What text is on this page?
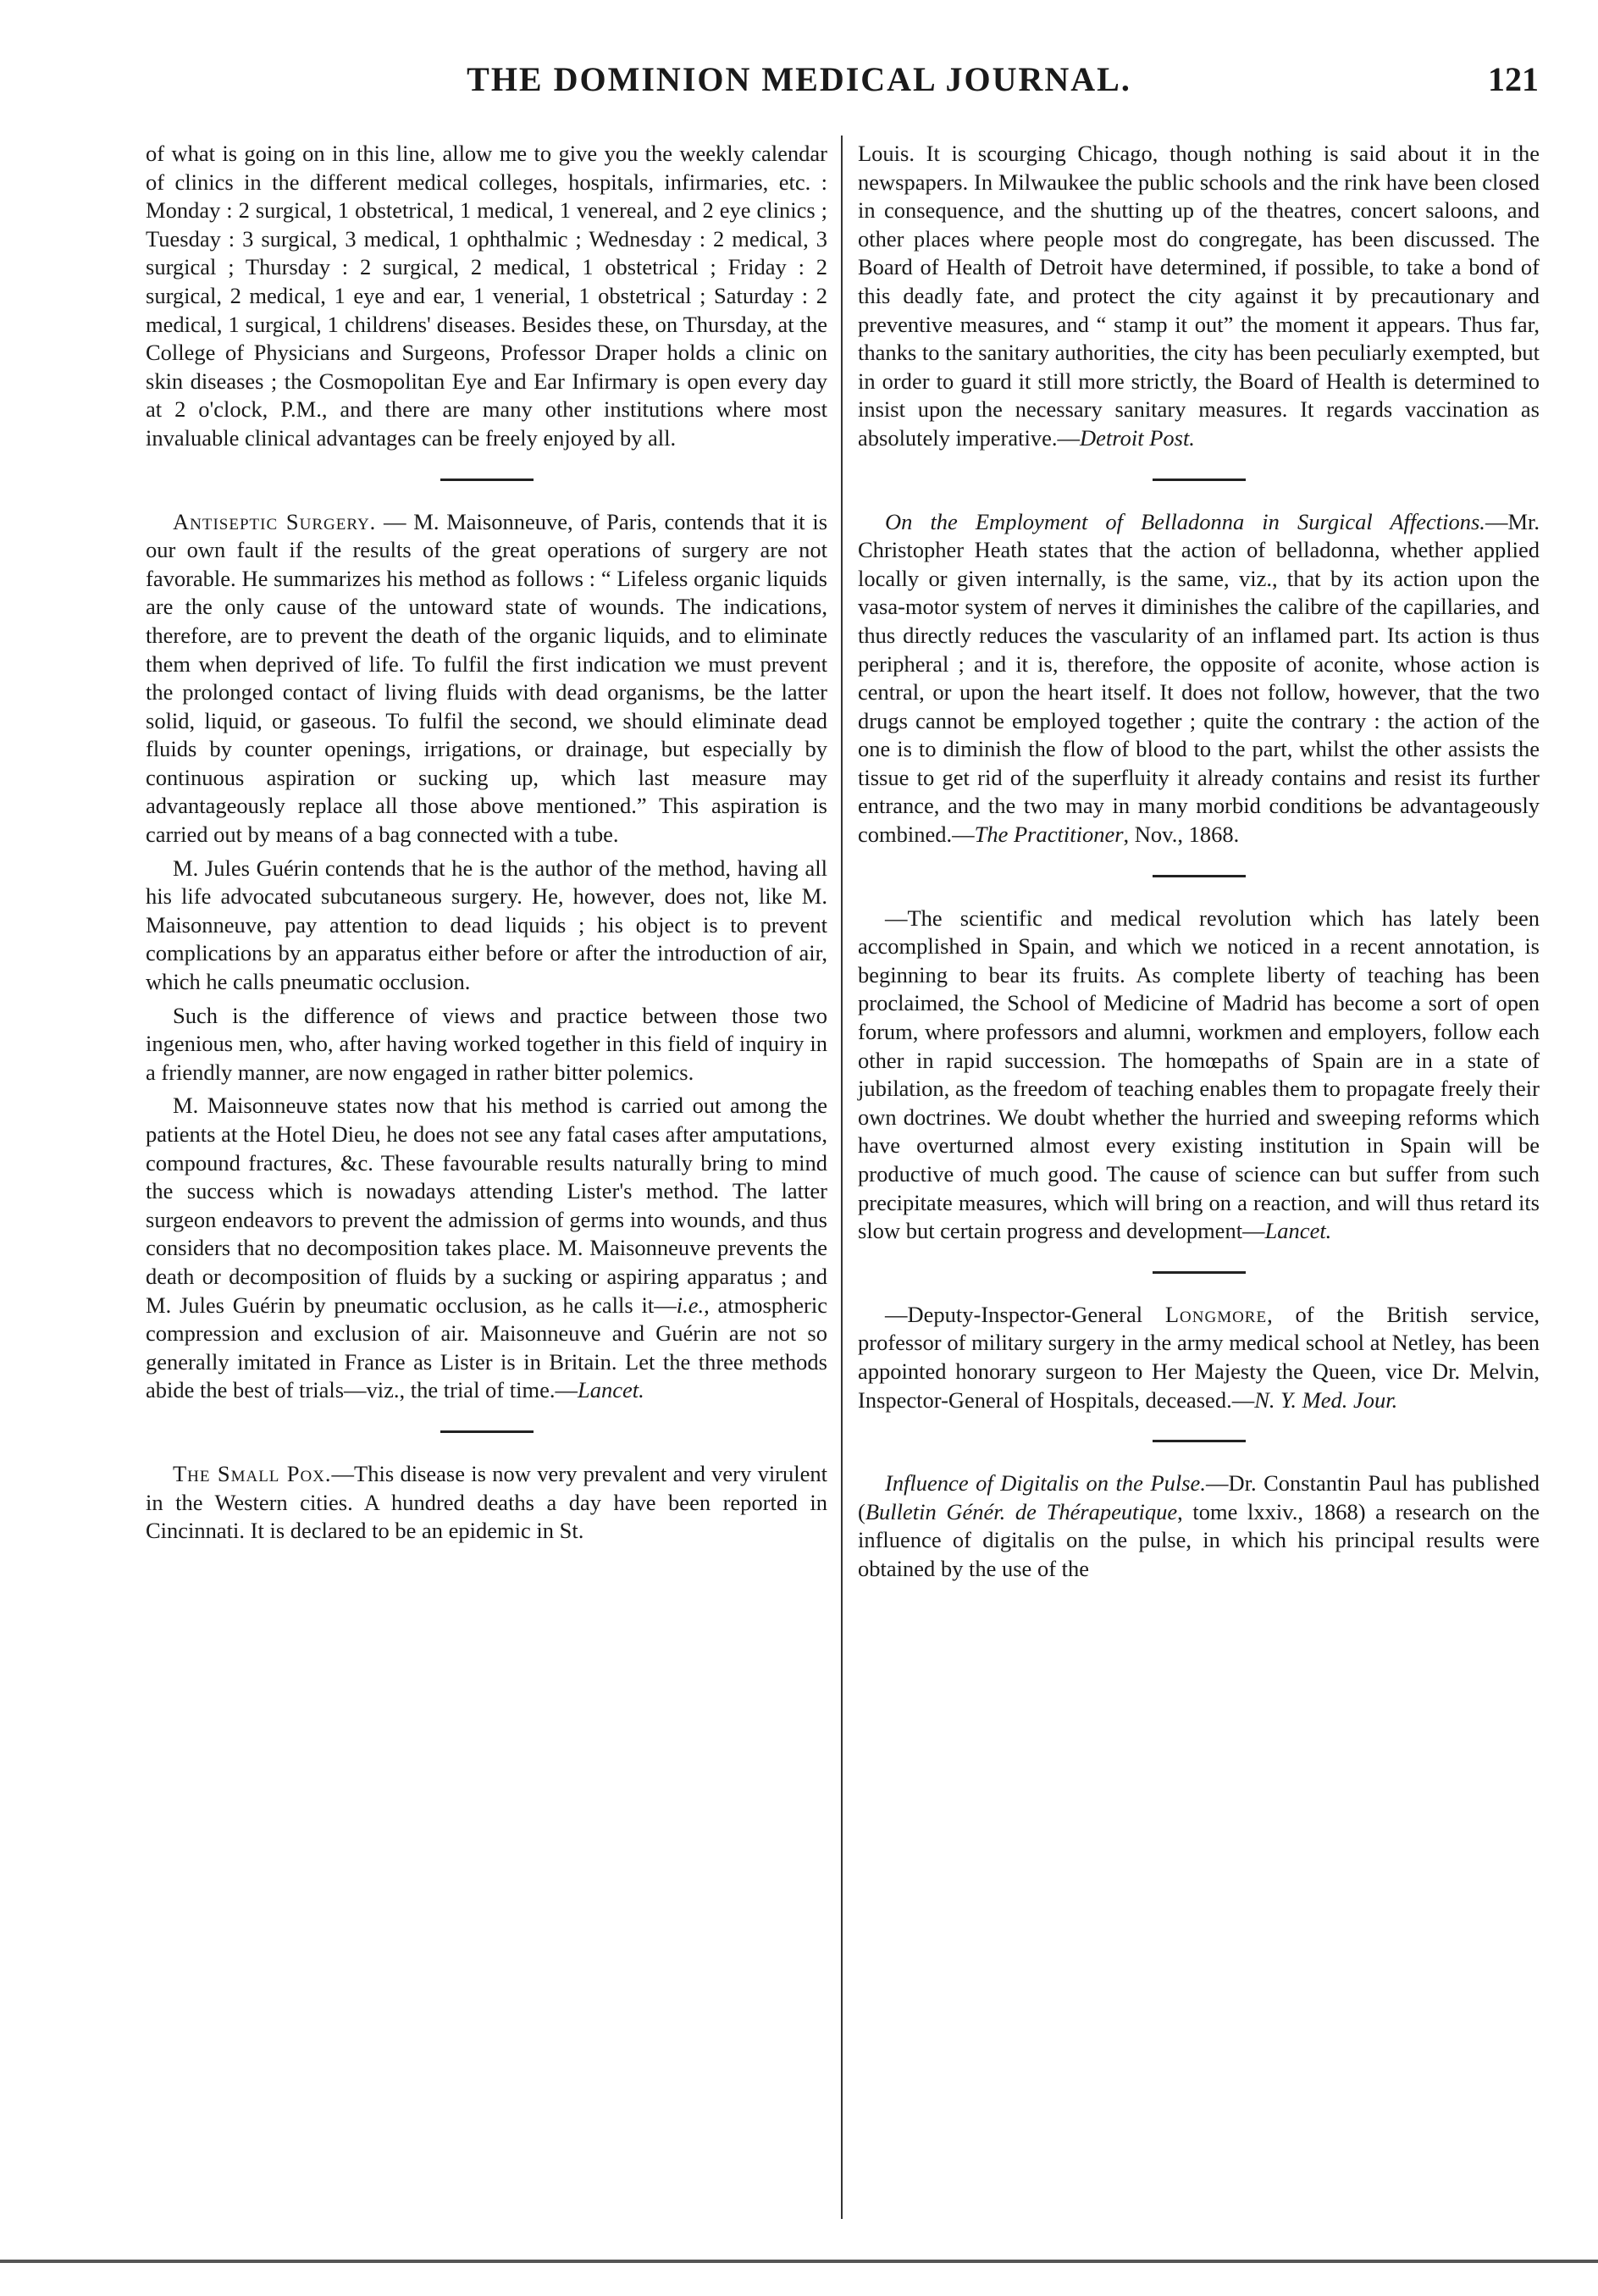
THE DOMINION MEDICAL JOURNAL.	121

of what is going on in this line, allow me to give you the weekly calendar of clinics in the different medical colleges, hospitals, infirmaries, etc. : Monday : 2 surgical, 1 obstetrical, 1 medical, 1 venereal, and 2 eye clinics ; Tuesday : 3 surgical, 3 medical, 1 ophthalmic ; Wednesday : 2 medical, 3 surgical ; Thursday : 2 surgical, 2 medical, 1 obstetrical ; Friday : 2 surgical, 2 medical, 1 eye and ear, 1 venerial, 1 obstetrical ; Saturday : 2 medical, 1 surgical, 1 childrens' diseases. Besides these, on Thursday, at the College of Physicians and Surgeons, Professor Draper holds a clinic on skin diseases ; the Cosmopolitan Eye and Ear Infirmary is open every day at 2 o'clock, P.M., and there are many other institutions where most invaluable clinical advantages can be freely enjoyed by all.

Antiseptic Surgery. — M. Maisonneuve, of Paris, contends that it is our own fault if the results of the great operations of surgery are not favorable. He summarizes his method as follows : “ Lifeless organic liquids are the only cause of the untoward state of wounds. The indications, therefore, are to prevent the death of the organic liquids, and to eliminate them when deprived of life. To fulfil the first indication we must prevent the prolonged contact of living fluids with dead organisms, be the latter solid, liquid, or gaseous. To fulfil the second, we should eliminate dead fluids by counter openings, irrigations, or drainage, but especially by continuous aspiration or sucking up, which last measure may advantageously replace all those above mentioned.” This aspiration is carried out by means of a bag connected with a tube.

M. Jules Guérin contends that he is the author of the method, having all his life advocated subcutaneous surgery. He, however, does not, like M. Maisonneuve, pay attention to dead liquids ; his object is to prevent complications by an apparatus either before or after the introduction of air, which he calls pneumatic occlusion.

Such is the difference of views and practice between those two ingenious men, who, after having worked together in this field of inquiry in a friendly manner, are now engaged in rather bitter polemics.

M. Maisonneuve states now that his method is carried out among the patients at the Hotel Dieu, he does not see any fatal cases after amputations, compound fractures, &c. These favourable results naturally bring to mind the success which is nowadays attending Lister's method. The latter surgeon endeavors to prevent the admission of germs into wounds, and thus considers that no decomposition takes place. M. Maisonneuve prevents the death or decomposition of fluids by a sucking or aspiring apparatus ; and M. Jules Guérin by pneumatic occlusion, as he calls it—i.e., atmospheric compression and exclusion of air. Maisonneuve and Guérin are not so generally imitated in France as Lister is in Britain. Let the three methods abide the best of trials—viz., the trial of time.—Lancet.

The Small Pox.—This disease is now very prevalent and very virulent in the Western cities. A hundred deaths a day have been reported in Cincinnati. It is declared to be an epidemic in St.

Louis. It is scourging Chicago, though nothing is said about it in the newspapers. In Milwaukee the public schools and the rink have been closed in consequence, and the shutting up of the theatres, concert saloons, and other places where people most do congregate, has been discussed. The Board of Health of Detroit have determined, if possible, to take a bond of this deadly fate, and protect the city against it by precautionary and preventive measures, and “ stamp it out” the moment it appears. Thus far, thanks to the sanitary authorities, the city has been peculiarly exempted, but in order to guard it still more strictly, the Board of Health is determined to insist upon the necessary sanitary measures. It regards vaccination as absolutely imperative.—Detroit Post.

On the Employment of Belladonna in Surgical Affections.—Mr. Christopher Heath states that the action of belladonna, whether applied locally or given internally, is the same, viz., that by its action upon the vasa-motor system of nerves it diminishes the calibre of the capillaries, and thus directly reduces the vascularity of an inflamed part. Its action is thus peripheral ; and it is, therefore, the opposite of aconite, whose action is central, or upon the heart itself. It does not follow, however, that the two drugs cannot be employed together ; quite the contrary : the action of the one is to diminish the flow of blood to the part, whilst the other assists the tissue to get rid of the superfluity it already contains and resist its further entrance, and the two may in many morbid conditions be advantageously combined.—The Practitioner, Nov., 1868.

—The scientific and medical revolution which has lately been accomplished in Spain, and which we noticed in a recent annotation, is beginning to bear its fruits. As complete liberty of teaching has been proclaimed, the School of Medicine of Madrid has become a sort of open forum, where professors and alumni, workmen and employers, follow each other in rapid succession. The homœpaths of Spain are in a state of jubilation, as the freedom of teaching enables them to propagate freely their own doctrines. We doubt whether the hurried and sweeping reforms which have overturned almost every existing institution in Spain will be productive of much good. The cause of science can but suffer from such precipitate measures, which will bring on a reaction, and will thus retard its slow but certain progress and development—Lancet.

—Deputy-Inspector-General Longmore, of the British service, professor of military surgery in the army medical school at Netley, has been appointed honorary surgeon to Her Majesty the Queen, vice Dr. Melvin, Inspector-General of Hospitals, deceased.—N. Y. Med. Jour.

Influence of Digitalis on the Pulse.—Dr. Constantin Paul has published (Bulletin Génér. de Thérapeutique, tome lxxiv., 1868) a research on the influence of digitalis on the pulse, in which his principal results were obtained by the use of the
